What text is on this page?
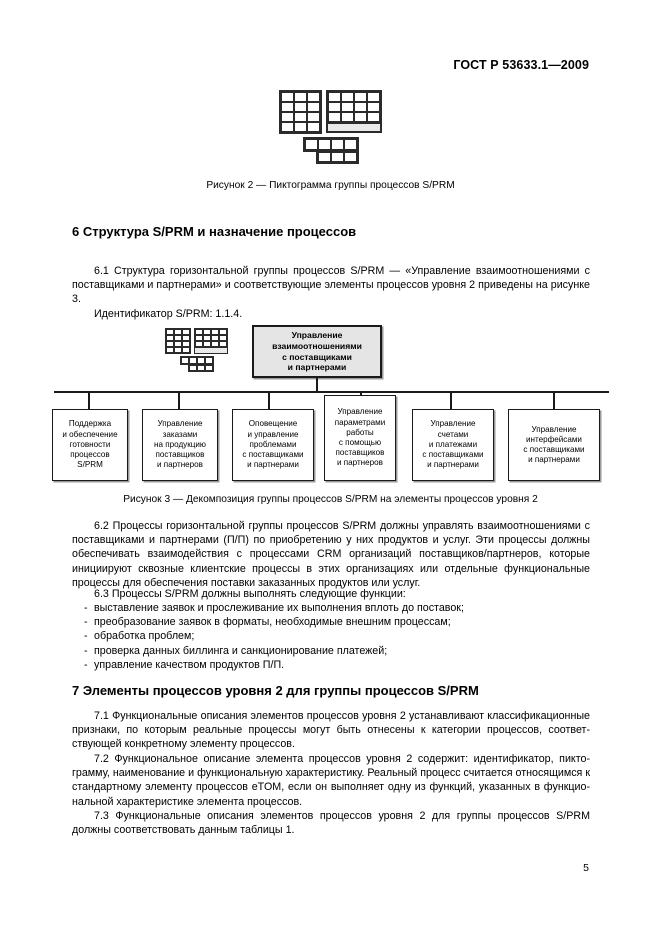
ГОСТ Р 53633.1—2009
Рисунок 2 — Пиктограмма группы процессов S/PRM
6 Структура S/PRM и назначение процессов
6.1 Структура горизонтальной группы процессов S/PRM — «Управление взаимоотношениями с поставщиками и партнерами» и соответствующие элементы процессов уровня 2 приведены на рисунке 3.
Идентификатор S/PRM: 1.1.4.
Управление
взаимоотношениями
с поставщиками
и партнерами
Поддержка
и обеспечение
готовности
процессов
S/PRM
Управление
заказами
на продукцию
поставщиков
и партнеров
Оповещение
и управление
проблемами
с поставщиками
и партнерами
Управление
параметрами
работы
с помощью
поставщиков
и партнеров
Управление
счетами
и платежами
с поставщиками
и партнерами
Управление
интерфейсами
с поставщиками
и партнерами
Рисунок 3 — Декомпозиция группы процессов S/PRM на элементы процессов уровня 2
6.2 Процессы горизонтальной группы процессов S/PRM должны управлять взаимоотношениями с поставщиками и партнерами (П/П) по приобретению у них продуктов и услуг. Эти процессы должны обеспечивать взаимодействия с процессами CRM организаций поставщиков/партнеров, которые инициируют сквозные клиентские процессы в этих организациях или отдельные функциональные процессы для обеспечения поставки заказанных продуктов или услуг.
6.3 Процессы S/PRM должны выполнять следующие функции:
- выставление заявок и прослеживание их выполнения вплоть до поставок;
- преобразование заявок в форматы, необходимые внешним процессам;
- обработка проблем;
- проверка данных биллинга и санкционирование платежей;
- управление качеством продуктов П/П.
7 Элементы процессов уровня 2 для группы процессов S/PRM
7.1 Функциональные описания элементов процессов уровня 2 устанавливают классификационные признаки, по которым реальные процессы могут быть отнесены к категории процессов, соответствующей конкретному элементу процессов.
7.2 Функциональное описание элемента процессов уровня 2 содержит: идентификатор, пиктограмму, наименование и функциональную характеристику. Реальный процесс считается относящимся к стандартному элементу процессов eTOM, если он выполняет одну из функций, указанных в функциональной характеристике элемента процессов.
7.3 Функциональные описания элементов процессов уровня 2 для группы процессов S/PRM должны соответствовать данным таблицы 1.
5
